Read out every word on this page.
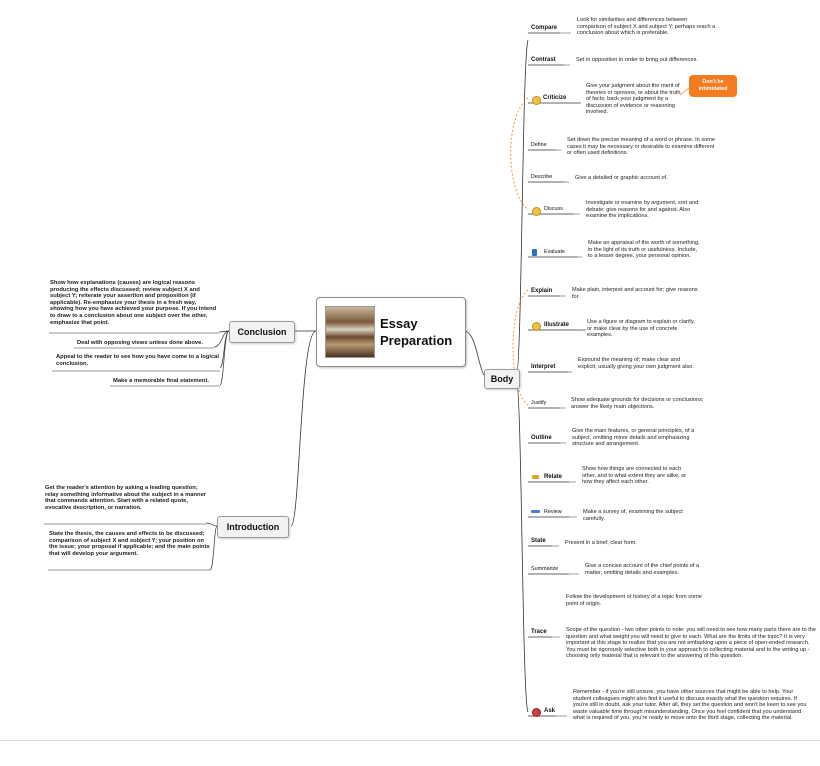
Essay
Preparation
Body
Conclusion
Introduction
Don't be
intimidated
Show how explanations (causes) are logical reasons producing the effects discussed; review subject X and subject Y; reiterate your assertion and proposition (if applicable). Re-emphasize your thesis in a fresh way, showing how you have achieved your purpose. If you intend to draw to a conclusion about one subject over the other, emphasize that point.
Deal with opposing views unless done above.
Appeal to the reader to see how you have come to a logical conclusion.
Make a memorable final statement.
Get the reader's attention by asking a leading question; relay something informative about the subject in a manner that commands attention. Start with a related quote, evocative description, or narration.
State the thesis, the causes and effects to be discussed; comparison of subject X and subject Y; your position on the issue; your proposal if applicable; and the main points that will develop your argument.
Compare
Look for similarities and differences between comparison of subject X and subject Y; perhaps reach a conclusion about which is preferable.
Contrast	Set in opposition in order to bring out differences.
Criticize
Give your judgment about the merit of theories or opinions, or about the truth of facts; back your judgment by a discussion of evidence or reasoning involved.
Define
Set down the precise meaning of a word or phrase. In some cases it may be necessary or desirable to examine different or often used definitions.
Describe	Give a detailed or graphic account of.
Discuss
Investigate or examine by argument, sort and debate; give reasons for and against. Also examine the implications.
Evaluate
Make an appraisal of the worth of something, in the light of its truth or usefulness. Include, to a lesser degree, your personal opinion.
Explain	Make plain, interpret and account for; give reasons for.
Illustrate	Use a figure or diagram to explain or clarify, or make clear by the use of concrete examples.
Interpret
Expound the meaning of; make clear and explicit; usually giving your own judgment also.
Justify	Show adequate grounds for decisions or conclusions; answer the likely main objections.
Outline
Give the main features, or general principles, of a subject, omitting minor details and emphasizing structure and arrangement.
Relate
Show how things are connected to each other, and to what extent they are alike, or how they affect each other.
Review	Make a survey of, examining the subject carefully.
State	Present in a brief, clear form.
Summarize	Give a concise account of the chief points of a matter, omitting details and examples.
Trace
Follow the development or history of a topic from some point of origin.
Scope of the question - two other points to note: you will need to see how many parts there are to the question and what weight you will need to give to each. What are the limits of the topic? It is very important at this stage to realize that you are not embarking upon a piece of open-ended research. You must be rigorously selective both in your approach to collecting material and to the writing up - choosing only material that is relevant to the answering of this question.
Ask
Remember - if you're still unsure, you have other sources that might be able to help. Your student colleagues might also find it useful to discuss exactly what the question requires. If you're still in doubt, ask your tutor. After all, they set the question and won't be keen to see you waste valuable time through misunderstanding. Once you feel confident that you understand what is required of you, you're ready to move onto the third stage, collecting the material.
